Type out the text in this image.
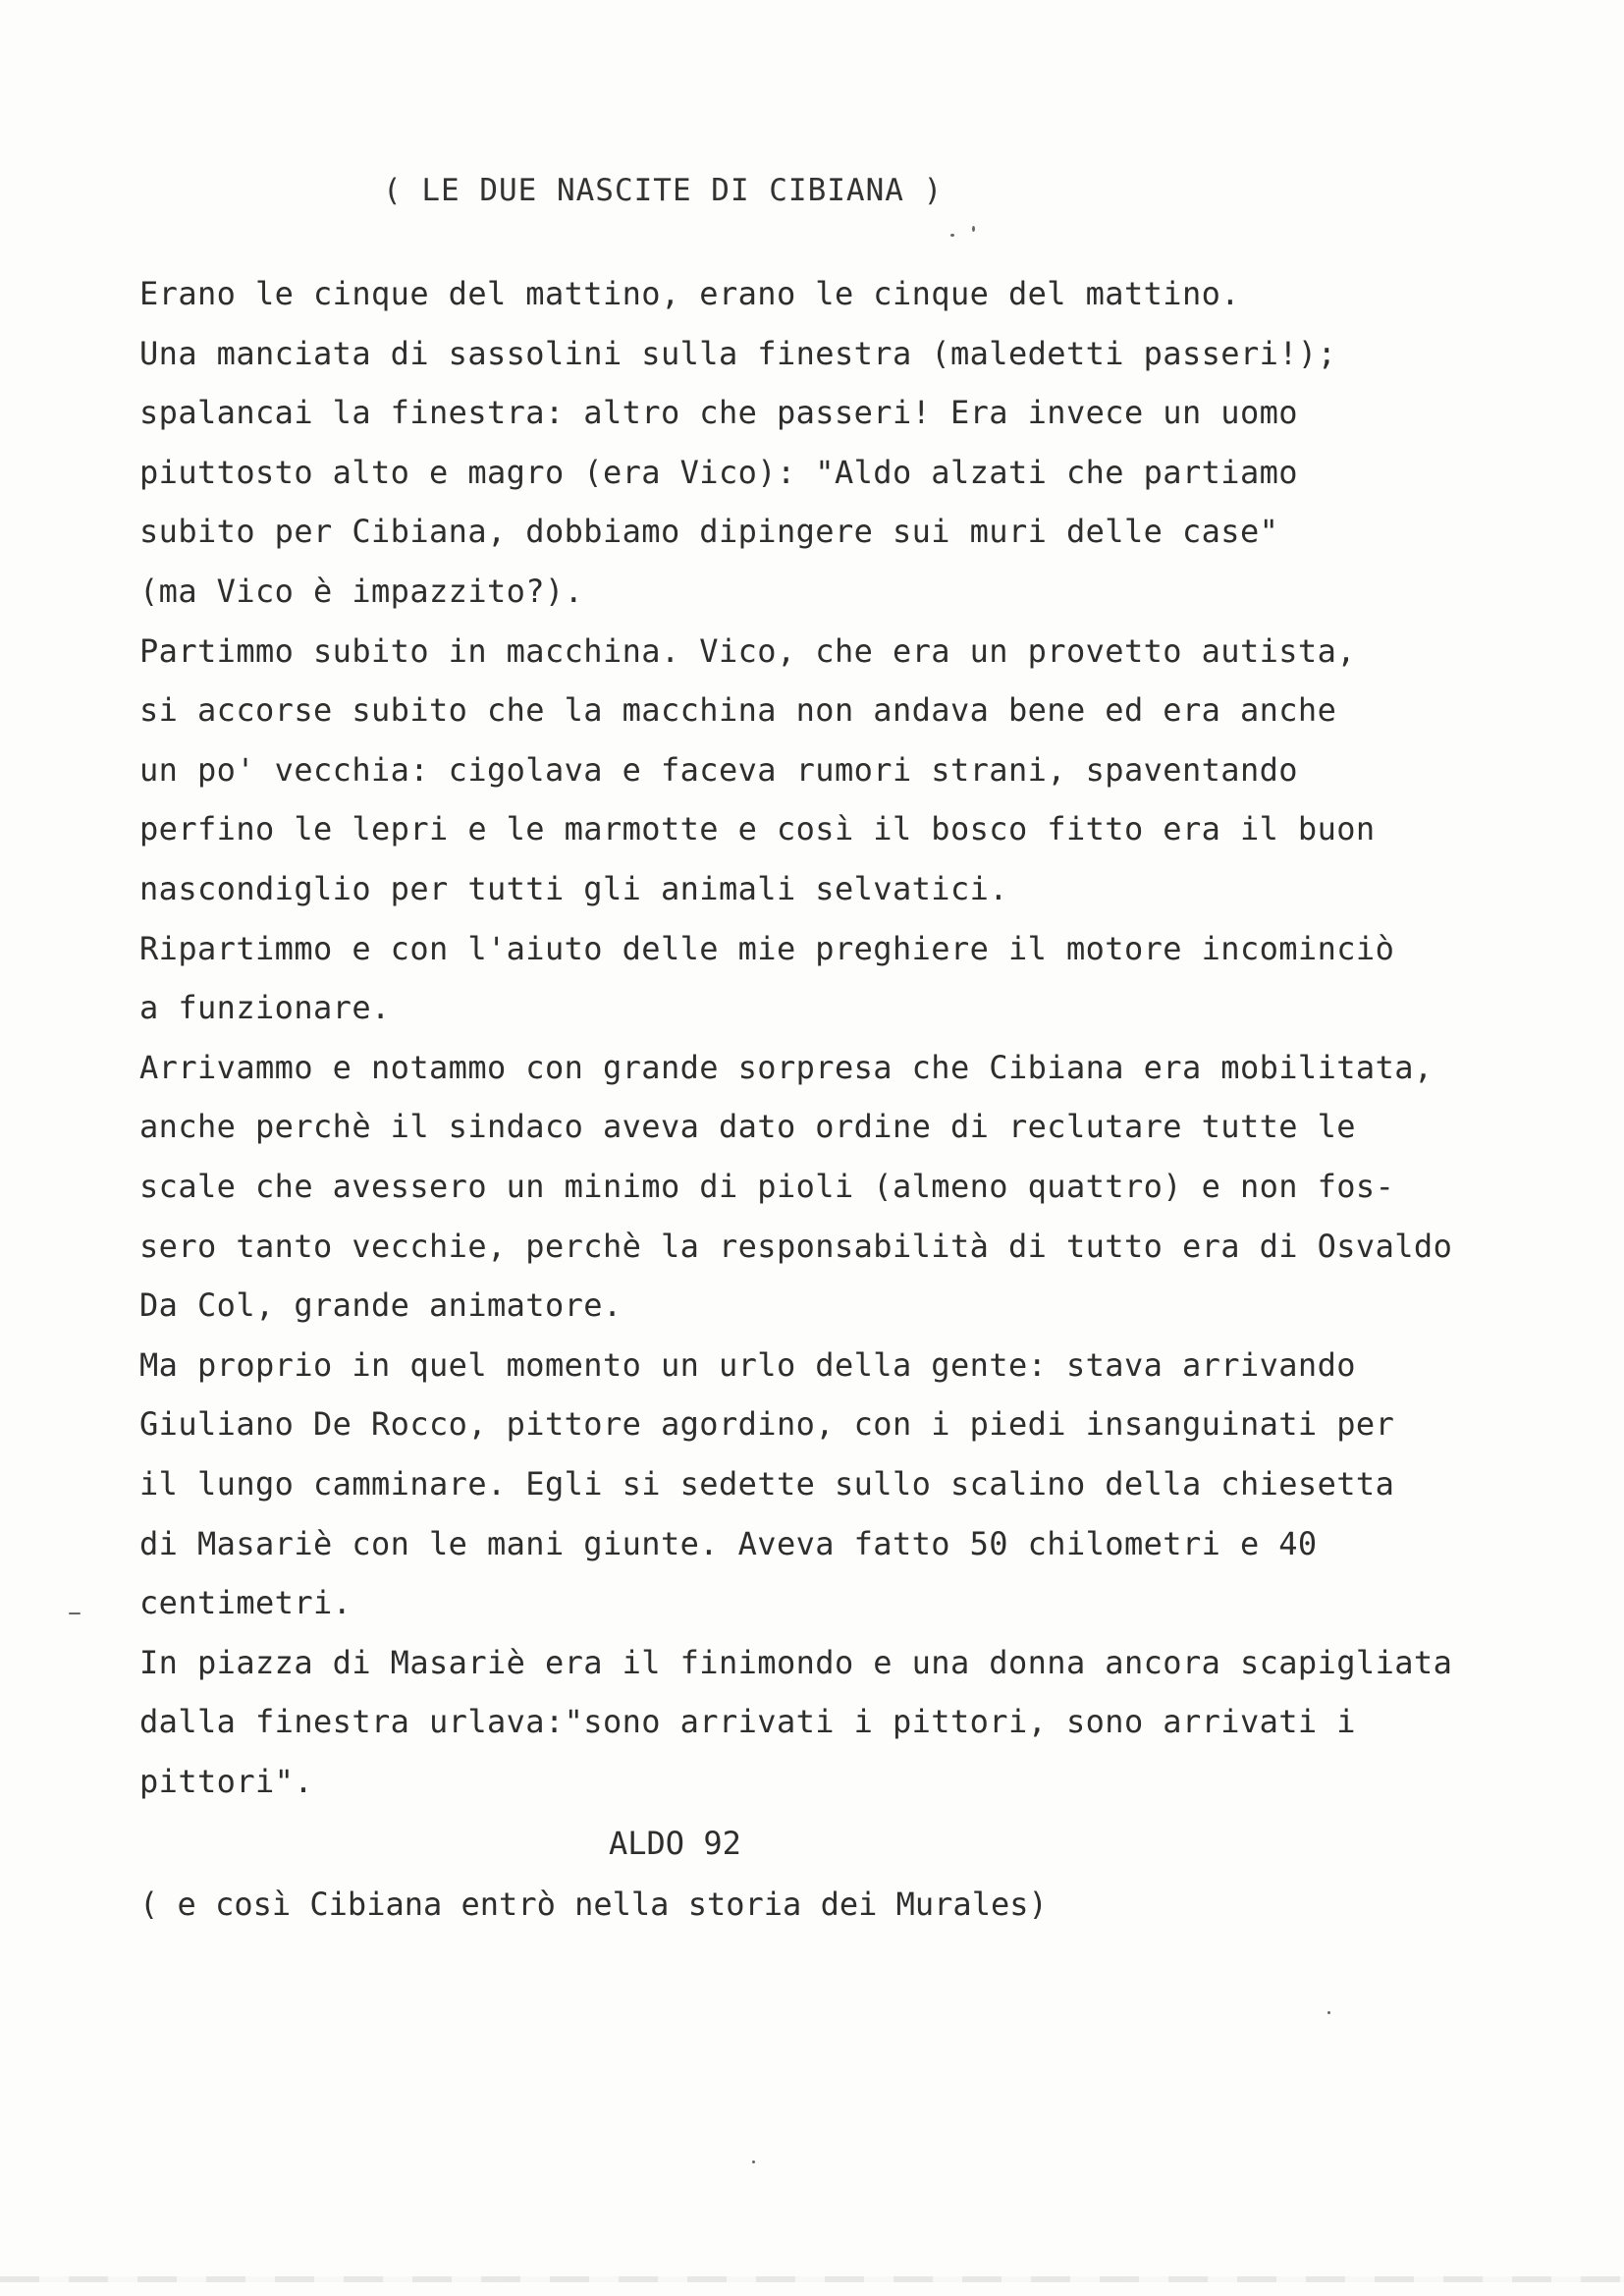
( LE DUE NASCITE DI CIBIANA )
Erano le cinque del mattino, erano le cinque del mattino.
Una manciata di sassolini sulla finestra (maledetti passeri!);
spalancai la finestra: altro che passeri! Era invece un uomo
piuttosto alto e magro (era Vico): "Aldo alzati che partiamo
subito per Cibiana, dobbiamo dipingere sui muri delle case"
(ma Vico è impazzito?).
Partimmo subito in macchina. Vico, che era un provetto autista,
si accorse subito che la macchina non andava bene ed era anche
un po' vecchia: cigolava e faceva rumori strani, spaventando
perfino le lepri e le marmotte e così il bosco fitto era il buon
nascondiglio per tutti gli animali selvatici.
Ripartimmo e con l'aiuto delle mie preghiere il motore incominciò
a funzionare.
Arrivammo e notammo con grande sorpresa che Cibiana era mobilitata,
anche perchè il sindaco aveva dato ordine di reclutare tutte le
scale che avessero un minimo di pioli (almeno quattro) e non fos-
sero tanto vecchie, perchè la responsabilità di tutto era di Osvaldo
Da Col, grande animatore.
Ma proprio in quel momento un urlo della gente: stava arrivando
Giuliano De Rocco, pittore agordino, con i piedi insanguinati per
il lungo camminare. Egli si sedette sullo scalino della chiesetta
di Masariè con le mani giunte. Aveva fatto 50 chilometri e 40
centimetri.
In piazza di Masariè era il finimondo e una donna ancora scapigliata
dalla finestra urlava:"sono arrivati i pittori, sono arrivati i
pittori".
ALDO 92
( e così Cibiana entrò nella storia dei Murales)
